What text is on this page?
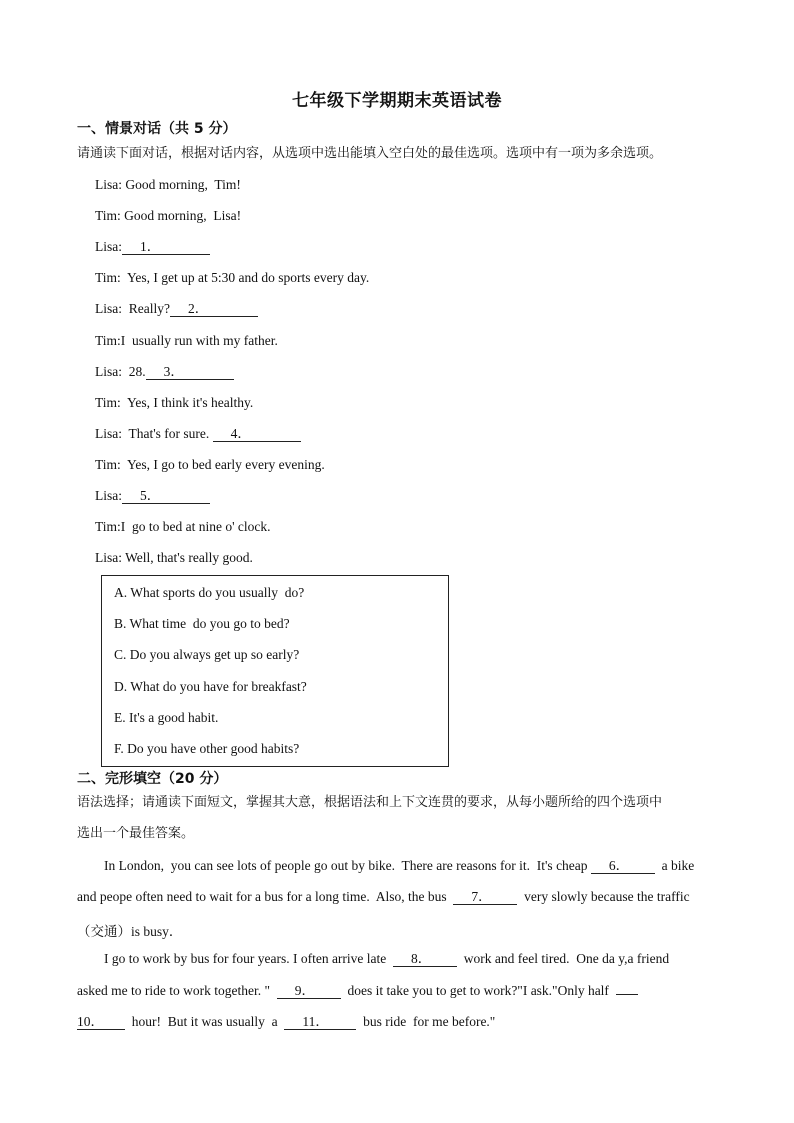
七年级下学期期末英语试卷
一、情景对话（共 5 分）
请通读下面对话，根据对话内容，从选项中选出能填入空白处的最佳选项。选项中有一项为多余选项。
Lisa: Good morning,  Tim!
Tim: Good morning,  Lisa!
Lisa: 1．
Tim:  Yes, I get up at 5:30 and do sports every day.
Lisa:  Really? 2．
Tim:I  usually run with my father.
Lisa:  28. 3．
Tim:  Yes, I think it's healthy.
Lisa:  That's for sure. 4．
Tim:  Yes, I go to bed early every evening.
Lisa: 5．
Tim:I  go to bed at nine o' clock.
Lisa: Well, that's really good.
A. What sports do you usually  do?
B. What time  do you go to bed?
C. Do you always get up so early?
D. What do you have for breakfast?
E. It's a good habit.
F. Do you have other good habits?
二、完形填空（20 分）
语法选择；请通读下面短文，掌握其大意，根据语法和上下文连贯的要求，从每小题所给的四个选项中
选出一个最佳答案。
In London,  you can see lots of people go out by bike.  There are reasons for it.  It's cheap 6．  a bike
and peope often need to wait for a bus for a long time.  Also, the bus  7．  very slowly because the traffic
（交通）is busy．
I go to work by bus for four years. I often arrive late  8．  work and feel tired.  One da y,a friend
asked me to ride to work together. "  9．  does it take you to get to work?"I ask."Only half
10．  hour!  But it was usually  a  11．  bus ride  for me before."
